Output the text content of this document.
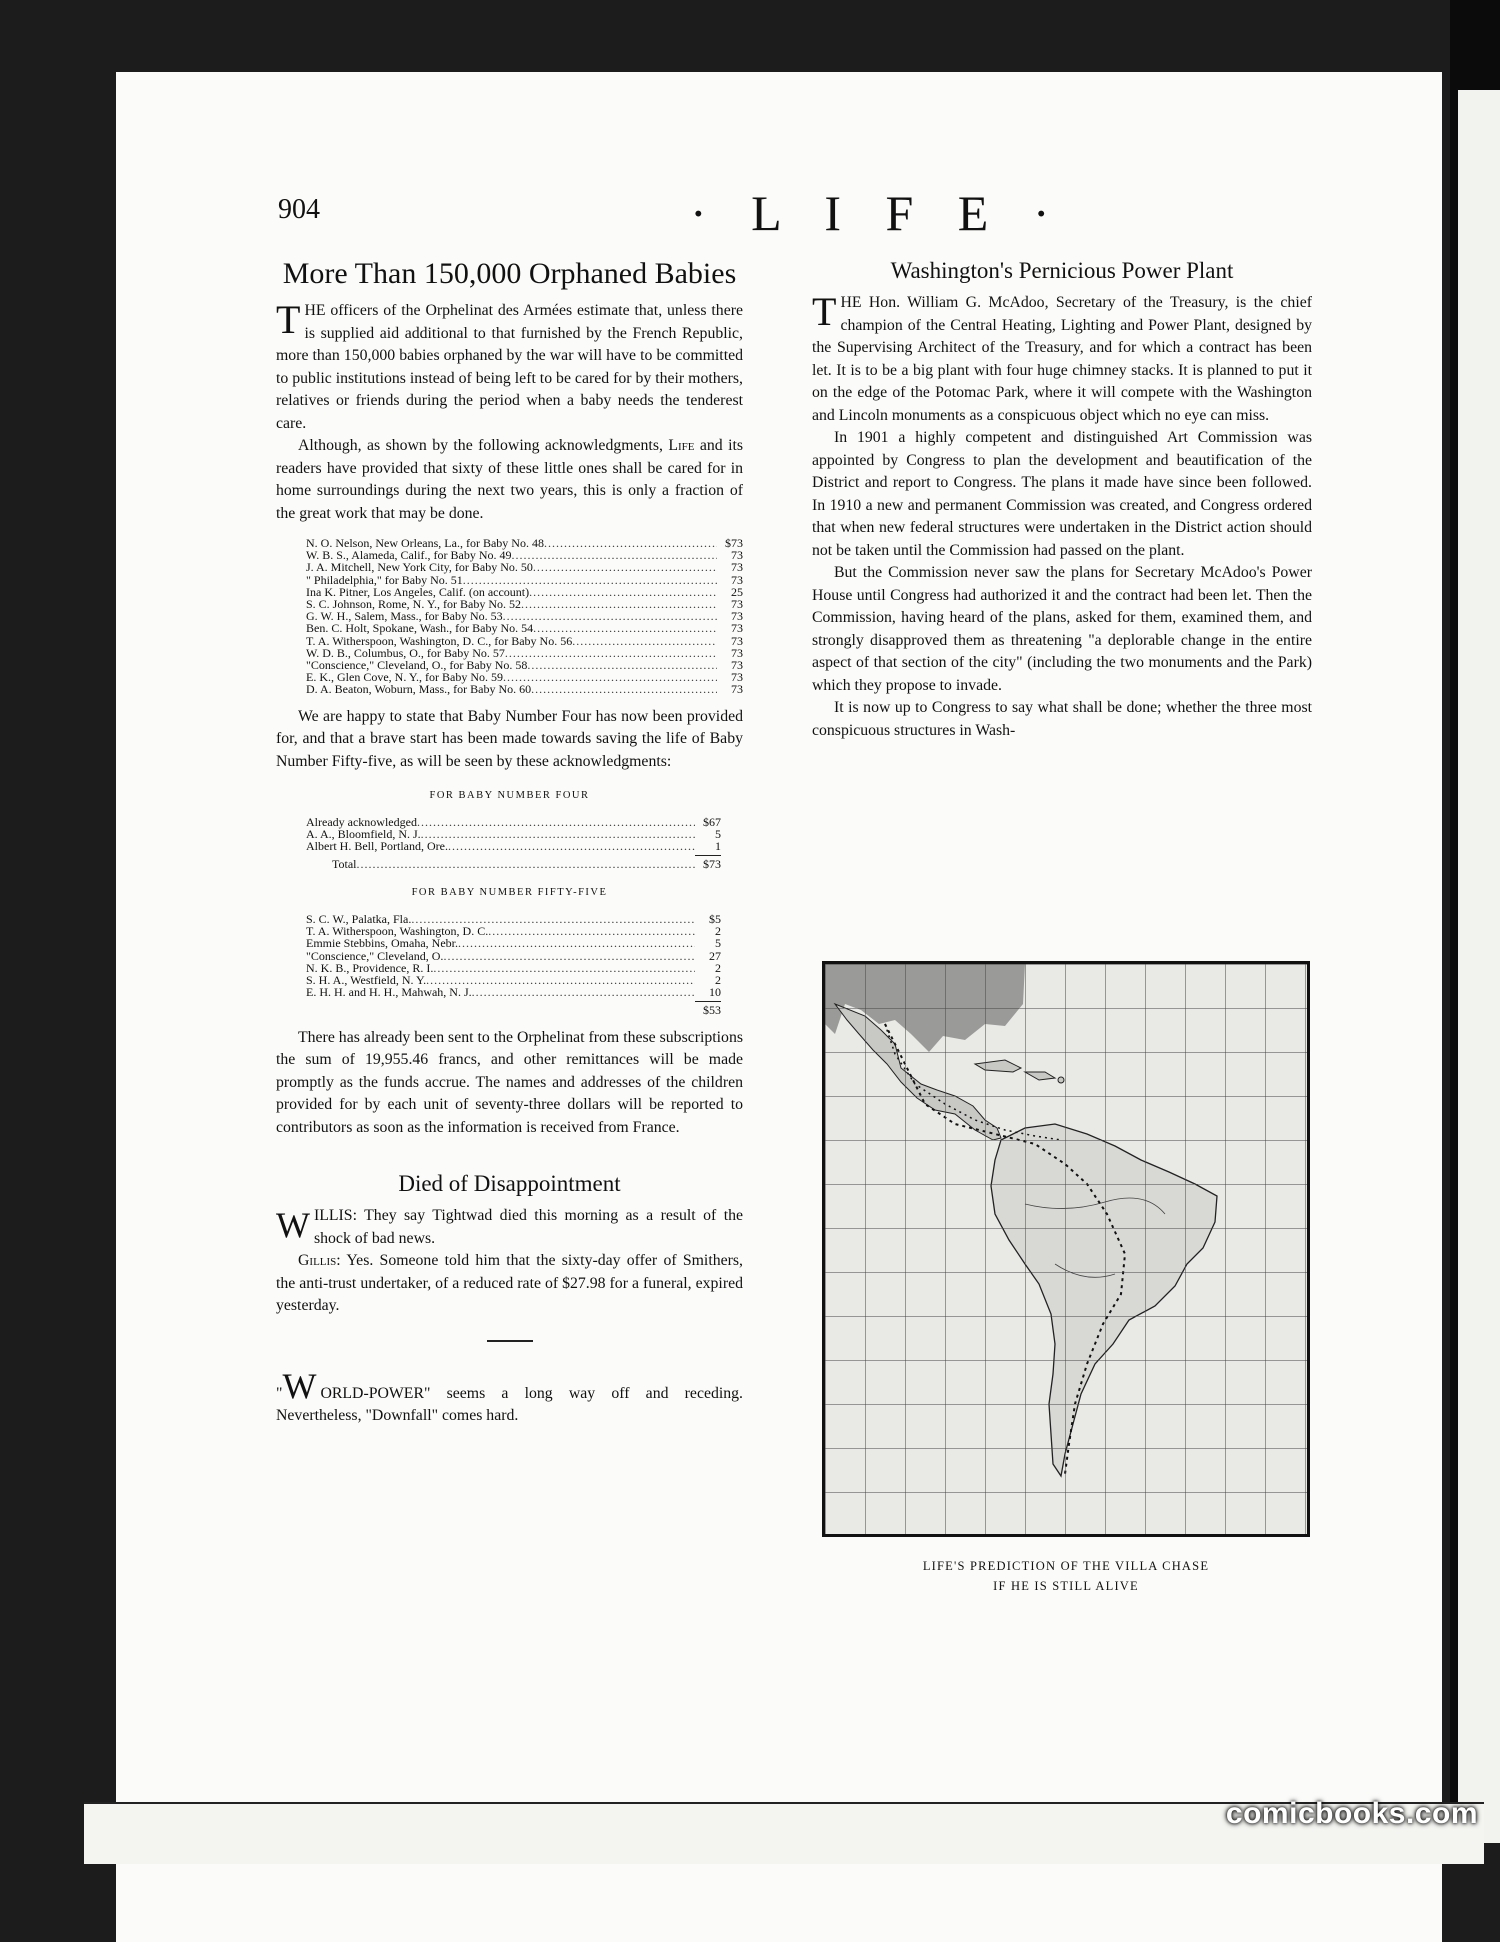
904	· L I F E ·
More Than 150,000 Orphaned Babies

THE officers of the Orphelinat des Armées estimate that, unless there is supplied aid additional to that furnished by the French Republic, more than 150,000 babies orphaned by the war will have to be committed to public institutions instead of being left to be cared for by their mothers, relatives or friends during the period when a baby needs the tenderest care.

Although, as shown by the following acknowledgments, Life and its readers have provided that sixty of these little ones shall be cared for in home surroundings during the next two years, this is only a fraction of the great work that may be done.

N. O. Nelson, New Orleans, La., for Baby No. 48 .....	$73
W. B. S., Alameda, Calif., for Baby No. 49 .....	73
J. A. Mitchell, New York City, for Baby No. 50 .....	73
" Philadelphia," for Baby No. 51 .....	73
Ina K. Pitner, Los Angeles, Calif. (on account) .....	25
S. C. Johnson, Rome, N. Y., for Baby No. 52 .....	73
G. W. H., Salem, Mass., for Baby No. 53 .....	73
Ben. C. Holt, Spokane, Wash., for Baby No. 54 .....	73
T. A. Witherspoon, Washington, D. C., for Baby No. 56 .....	73
W. D. B., Columbus, O., for Baby No. 57 .....	73
"Conscience," Cleveland, O., for Baby No. 58 .....	73
E. K., Glen Cove, N. Y., for Baby No. 59 .....	73
D. A. Beaton, Woburn, Mass., for Baby No. 60 .....	73

We are happy to state that Baby Number Four has now been provided for, and that a brave start has been made towards saving the life of Baby Number Fifty-five, as will be seen by these acknowledgments:

FOR BABY NUMBER FOUR
Already acknowledged .....	$67
A. A., Bloomfield, N. J. .....	5
Albert H. Bell, Portland, Ore. .....	1
Total .....	$73
FOR BABY NUMBER FIFTY-FIVE
S. C. W., Palatka, Fla. .....	$5
T. A. Witherspoon, Washington, D. C. .....	2
Emmie Stebbins, Omaha, Nebr. .....	5
"Conscience," Cleveland, O. .....	27
N. K. B., Providence, R. I. .....	2
S. H. A., Westfield, N. Y. .....	2
E. H. H. and H. H., Mahwah, N. J. .....	10
$53

There has already been sent to the Orphelinat from these subscriptions the sum of 19,955.46 francs, and other remittances will be made promptly as the funds accrue. The names and addresses of the children provided for by each unit of seventy-three dollars will be reported to contributors as soon as the information is received from France.

Died of Disappointment

WILLIS: They say Tightwad died this morning as a result of the shock of bad news.

Gillis: Yes. Someone told him that the sixty-day offer of Smithers, the anti-trust undertaker, of a reduced rate of $27.98 for a funeral, expired yesterday.

"W ORLD-POWER" seems a long way off and receding. Nevertheless, "Downfall" comes hard.

Washington's Pernicious Power Plant

THE Hon. William G. McAdoo, Secretary of the Treasury, is the chief champion of the Central Heating, Lighting and Power Plant, designed by the Supervising Architect of the Treasury, and for which a contract has been let. It is to be a big plant with four huge chimney stacks. It is planned to put it on the edge of the Potomac Park, where it will compete with the Washington and Lincoln monuments as a conspicuous object which no eye can miss.

In 1901 a highly competent and distinguished Art Commission was appointed by Congress to plan the development and beautification of the District and report to Congress. The plans it made have since been followed. In 1910 a new and permanent Commission was created, and Congress ordered that when new federal structures were undertaken in the District action should not be taken until the Commission had passed on the plant.

But the Commission never saw the plans for Secretary McAdoo's Power House until Congress had authorized it and the contract had been let. Then the Commission, having heard of the plans, asked for them, examined them, and strongly disapproved them as threatening "a deplorable change in the entire aspect of that section of the city" (including the two monuments and the Park) which they propose to invade.

It is now up to Congress to say what shall be done; whether the three most conspicuous structures in Wash-

LIFE'S PREDICTION OF THE VILLA CHASE
IF HE IS STILL ALIVE
comicbooks.com
